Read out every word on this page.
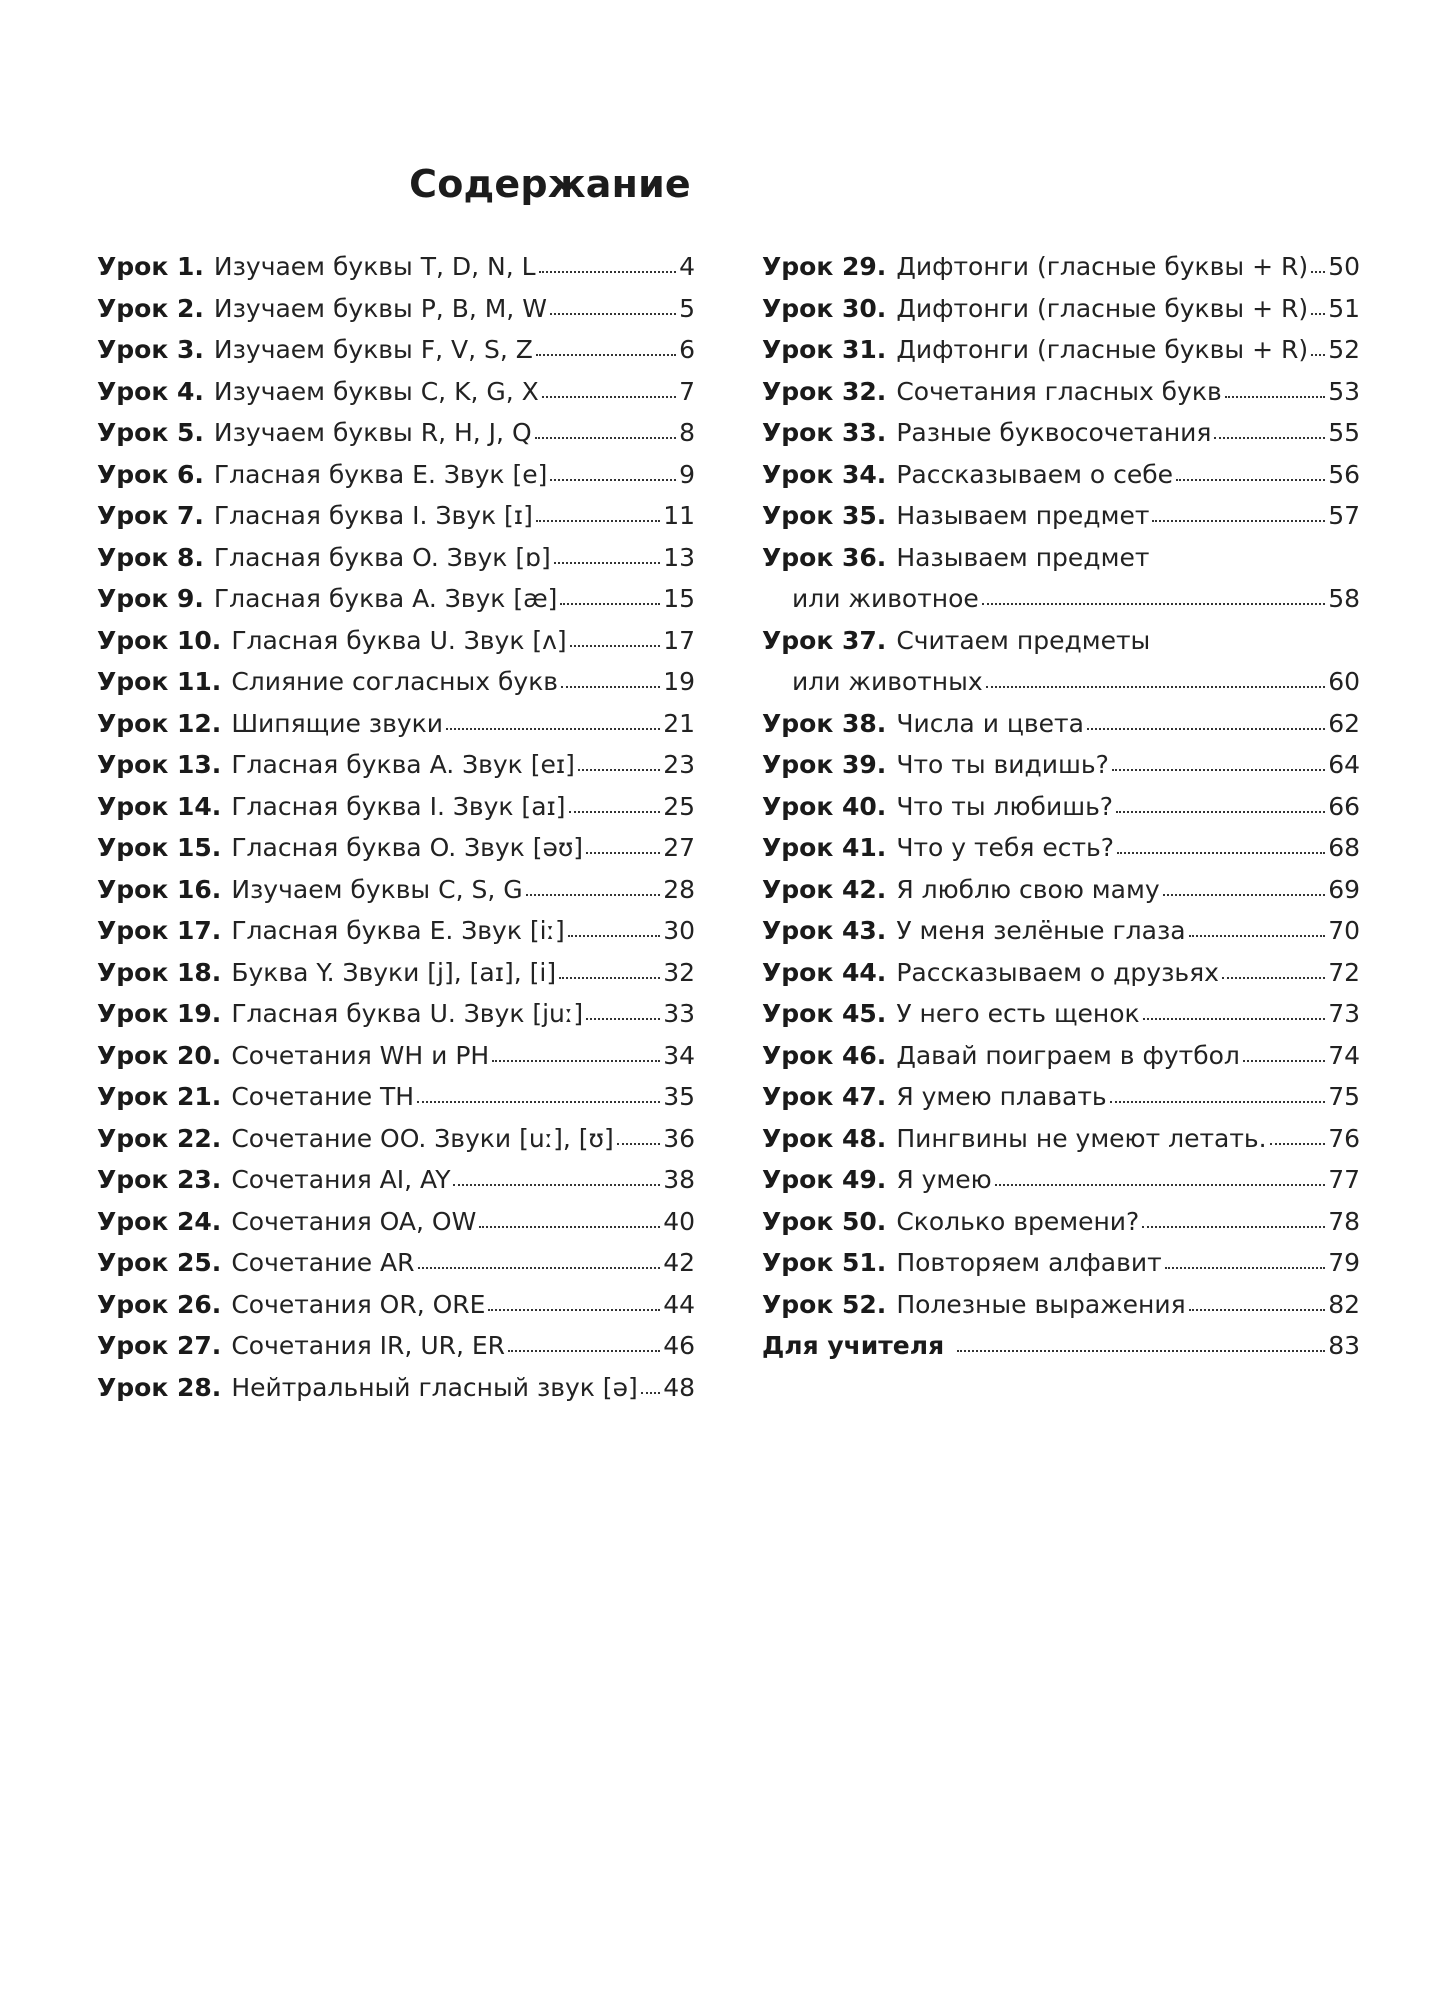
Содержание
Урок 1. Изучаем буквы T, D, N, L	4
Урок 2. Изучаем буквы P, B, M, W	5
Урок 3. Изучаем буквы F, V, S, Z	6
Урок 4. Изучаем буквы C, K, G, X	7
Урок 5. Изучаем буквы R, H, J, Q	8
Урок 6. Гласная буква E. Звук [e]	9
Урок 7. Гласная буква I. Звук [ɪ]	11
Урок 8. Гласная буква O. Звук [ɒ]	13
Урок 9. Гласная буква A. Звук [æ]	15
Урок 10. Гласная буква U. Звук [ʌ]	17
Урок 11. Слияние согласных букв	19
Урок 12. Шипящие звуки	21
Урок 13. Гласная буква A. Звук [eɪ]	23
Урок 14. Гласная буква I. Звук [aɪ]	25
Урок 15. Гласная буква O. Звук [əʊ]	27
Урок 16. Изучаем буквы C, S, G	28
Урок 17. Гласная буква E. Звук [iː]	30
Урок 18. Буква Y. Звуки [j], [aɪ], [i]	32
Урок 19. Гласная буква U. Звук [juː]	33
Урок 20. Сочетания WH и PH	34
Урок 21. Сочетание TH	35
Урок 22. Сочетание OO. Звуки [uː], [ʊ] 36
Урок 23. Сочетания AI, AY	38
Урок 24. Сочетания OA, OW	40
Урок 25. Сочетание AR	42
Урок 26. Сочетания OR, ORE	44
Урок 27. Сочетания IR, UR, ER	46
Урок 28. Нейтральный гласный звук [ə] 48
Урок 29. Дифтонги (гласные буквы + R) 50
Урок 30. Дифтонги (гласные буквы + R) 51
Урок 31. Дифтонги (гласные буквы + R) 52
Урок 32. Сочетания гласных букв	53
Урок 33. Разные буквосочетания	55
Урок 34. Рассказываем о себе	56
Урок 35. Называем предмет	57
Урок 36. Называем предмет
или животное	58
Урок 37. Считаем предметы
или животных	60
Урок 38. Числа и цвета	62
Урок 39. Что ты видишь?	64
Урок 40. Что ты любишь?	66
Урок 41. Что у тебя есть?	68
Урок 42. Я люблю свою маму	69
Урок 43. У меня зелёные глаза	70
Урок 44. Рассказываем о друзьях	72
Урок 45. У него есть щенок	73
Урок 46. Давай поиграем в футбол	74
Урок 47. Я умею плавать	75
Урок 48. Пингвины не умеют летать. 76
Урок 49. Я умею	77
Урок 50. Сколько времени?	78
Урок 51. Повторяем алфавит	79
Урок 52. Полезные выражения	82
Для учителя	83
